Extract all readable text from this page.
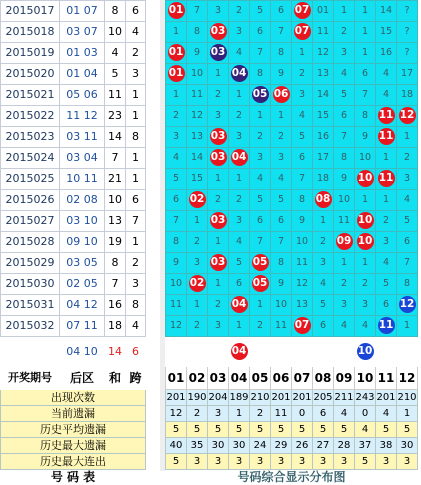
2015017	01 07	8	6
2015018	03 07	10	4
2015019	01 03	4	2
2015020	01 04	5	3
2015021	05 06	11	1
2015022	11 12	23	1
2015023	03 11	14	8
2015024	03 04	7	1
2015025	10 11	21	1
2015026	02 08	10	6
2015027	03 10	13	7
2015028	09 10	19	1
2015029	03 05	8	2
2015030	02 05	7	3
2015031	04 12	16	8
2015032	07 11	18	4
	04 10	14	6
开奖期号	后区	和	跨
出现次数			
当前遗漏			
历史平均遗漏			
历史最大遗漏			
历史最大连出			
号 码 表			
01	7	3	2	5	6	07	01	1	1	14	?
1	8	03	3	6	7	07	11	2	1	15	?
01	9	03	4	7	8	1	12	3	1	16	?
01	10	1	04	8	9	2	13	4	6	4	17
1	11	2	1	05	06	3	14	5	7	4	18
2	12	3	2	1	1	4	15	6	8	11	12
3	13	03	3	2	2	5	16	7	9	11	1
4	14	03	04	3	3	6	17	8	10	1	2
5	15	1	1	4	4	7	18	9	10	11	3
6	02	2	2	5	5	8	08	10	1	1	4
7	1	03	3	6	6	9	1	11	10	2	5
8	2	1	4	7	7	10	2	09	10	3	6
9	3	03	5	05	8	11	3	1	1	4	7
10	02	1	6	05	9	12	4	2	2	5	8
11	1	2	04	1	10	13	5	3	3	6	12
12	2	3	1	2	11	07	6	4	4	11	1
			04						10		
01	02	03	04	05	06	07	08	09	10	11	12
201	190	204	189	210	201	201	205	211	243	201	210
12	2	3	1	2	11	0	6	4	0	4	1
5	5	5	5	5	5	5	5	5	4	5	5
40	35	30	30	24	29	26	27	28	37	38	30
5	3	3	3	3	3	3	3	3	5	3	3
号码综合显示分布图											
